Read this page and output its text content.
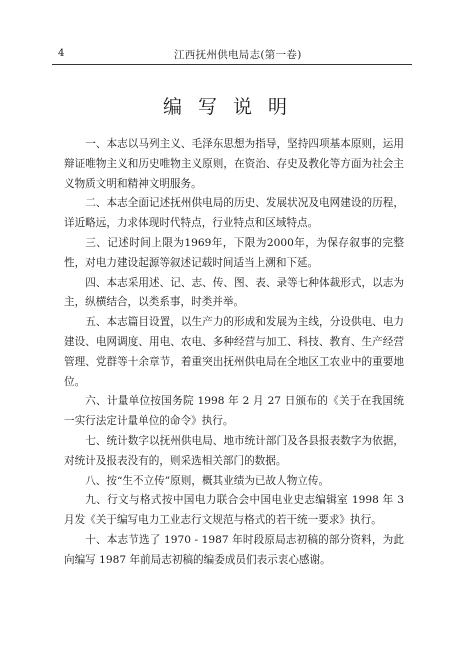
4	江西抚州供电局志(第一卷)
编写说明

一、本志以马列主义、毛泽东思想为指导，坚持四项基本原则，运用辩证唯物主义和历史唯物主义原则，在资治、存史及教化等方面为社会主义物质文明和精神文明服务。

二、本志全面记述抚州供电局的历史、发展状况及电网建设的历程，详近略远，力求体现时代特点，行业特点和区域特点。

三、记述时间上限为1969年，下限为2000年，为保存叙事的完整性，对电力建设起源等叙述记载时间适当上溯和下延。

四、本志采用述、记、志、传、图、表、录等七种体裁形式，以志为主，纵横结合，以类系事，时类并举。

五、本志篇目设置，以生产力的形成和发展为主线，分设供电、电力建设、电网调度、用电、农电、多种经营与加工、科技、教育、生产经营管理、党群等十余章节，着重突出抚州供电局在全地区工农业中的重要地位。

六、计量单位按国务院 1998 年 2 月 27 日颁布的《关于在我国统一实行法定计量单位的命令》执行。

七、统计数字以抚州供电局、地市统计部门及各县报表数字为依据，对统计及报表没有的，则采选相关部门的数据。

八、按“生不立传”原则，概其业绩为已故人物立传。

九、行文与格式按中国电力联合会中国电业史志编辑室 1998 年 3 月发《关于编写电力工业志行文规范与格式的若干统一要求》执行。

十、本志节选了 1970 - 1987 年时段原局志初稿的部分资料，为此向编写 1987 年前局志初稿的编委成员们表示衷心感谢。
